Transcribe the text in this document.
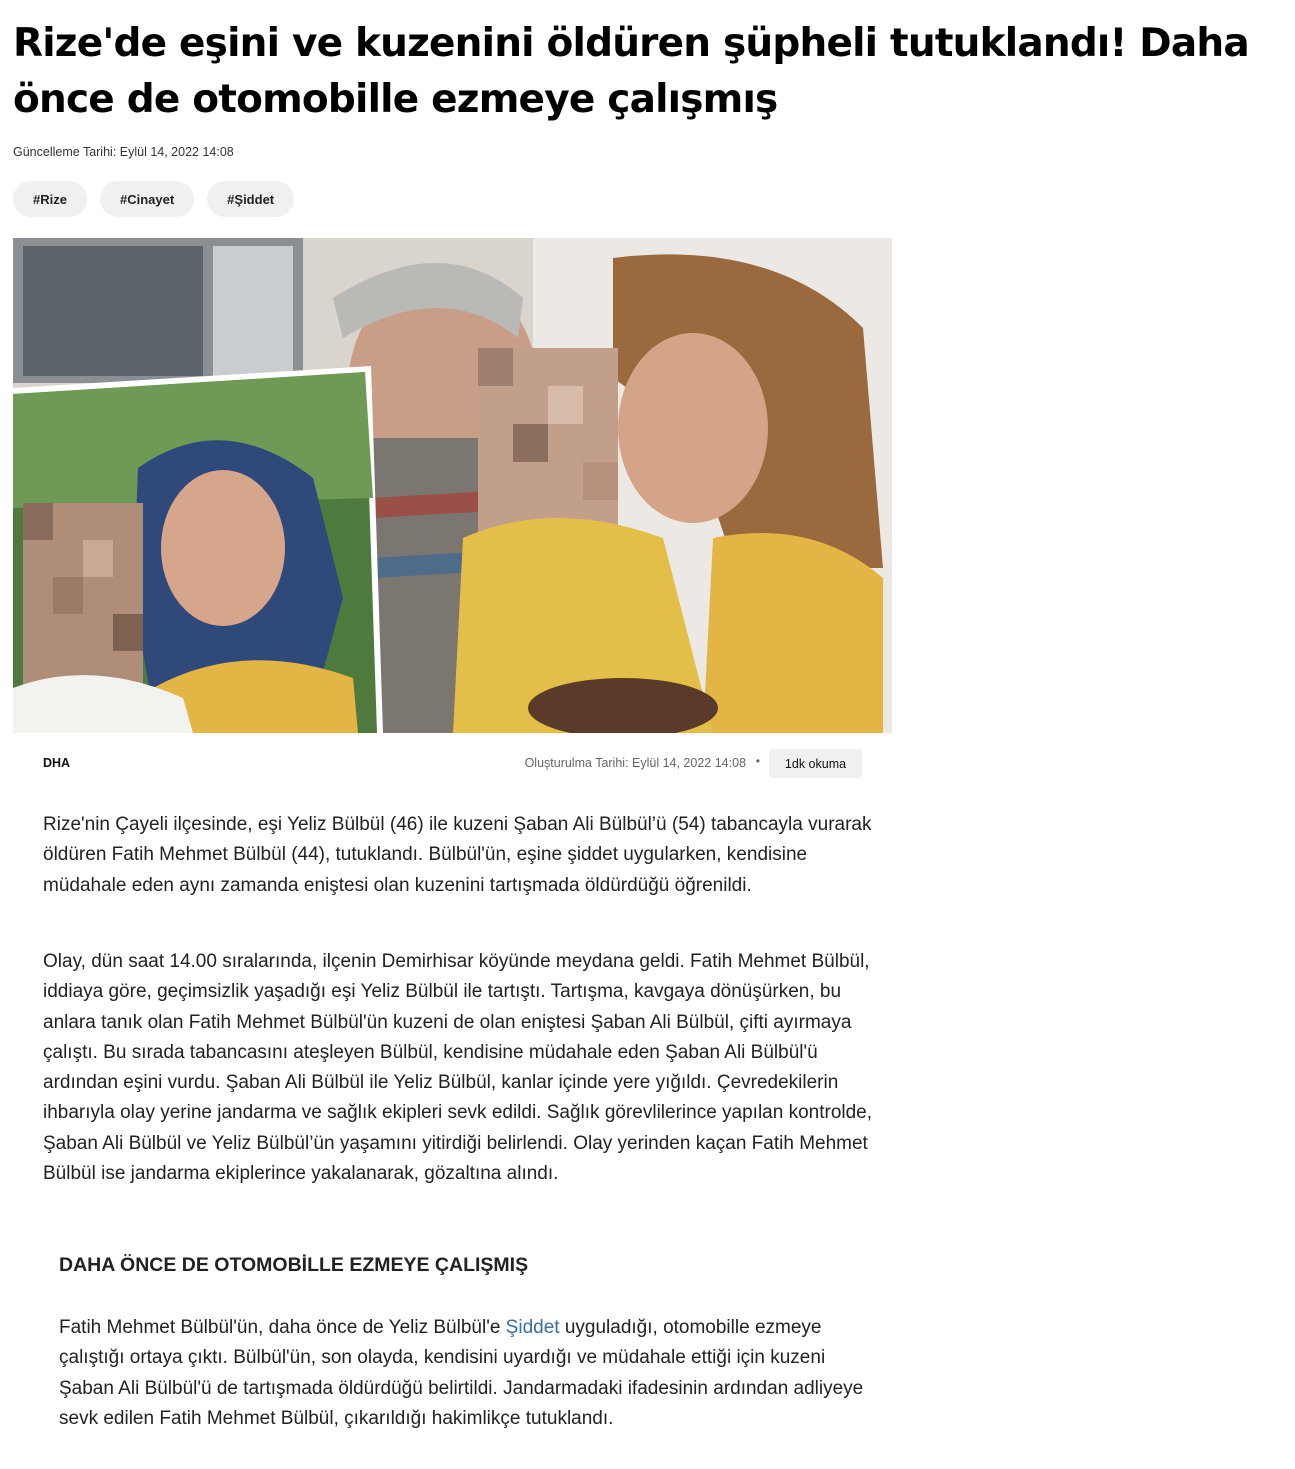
Rize'de eşini ve kuzenini öldüren şüpheli tutuklandı! Daha önce de otomobille ezmeye çalışmış
Güncelleme Tarihi: Eylül 14, 2022 14:08
#Rize	#Cinayet	#Şiddet
DHA	Oluşturulma Tarihi: Eylül 14, 2022 14:08 •	1dk okuma

Rize'nin Çayeli ilçesinde, eşi Yeliz Bülbül (46) ile kuzeni Şaban Ali Bülbül’ü (54) tabancayla vurarak öldüren Fatih Mehmet Bülbül (44), tutuklandı. Bülbül'ün, eşine şiddet uygularken, kendisine müdahale eden aynı zamanda eniştesi olan kuzenini tartışmada öldürdüğü öğrenildi.

Olay, dün saat 14.00 sıralarında, ilçenin Demirhisar köyünde meydana geldi. Fatih Mehmet Bülbül, iddiaya göre, geçimsizlik yaşadığı eşi Yeliz Bülbül ile tartıştı. Tartışma, kavgaya dönüşürken, bu anlara tanık olan Fatih Mehmet Bülbül'ün kuzeni de olan eniştesi Şaban Ali Bülbül, çifti ayırmaya çalıştı. Bu sırada tabancasını ateşleyen Bülbül, kendisine müdahale eden Şaban Ali Bülbül'ü ardından eşini vurdu. Şaban Ali Bülbül ile Yeliz Bülbül, kanlar içinde yere yığıldı. Çevredekilerin ihbarıyla olay yerine jandarma ve sağlık ekipleri sevk edildi. Sağlık görevlilerince yapılan kontrolde, Şaban Ali Bülbül ve Yeliz Bülbül’ün yaşamını yitirdiği belirlendi. Olay yerinden kaçan Fatih Mehmet Bülbül ise jandarma ekiplerince yakalanarak, gözaltına alındı.

DAHA ÖNCE DE OTOMOBİLLE EZMEYE ÇALIŞMIŞ

Fatih Mehmet Bülbül'ün, daha önce de Yeliz Bülbül'e Şiddet uyguladığı, otomobille ezmeye çalıştığı ortaya çıktı. Bülbül'ün, son olayda, kendisini uyardığı ve müdahale ettiği için kuzeni Şaban Ali Bülbül'ü de tartışmada öldürdüğü belirtildi. Jandarmadaki ifadesinin ardından adliyeye sevk edilen Fatih Mehmet Bülbül, çıkarıldığı hakimlikçe tutuklandı.
